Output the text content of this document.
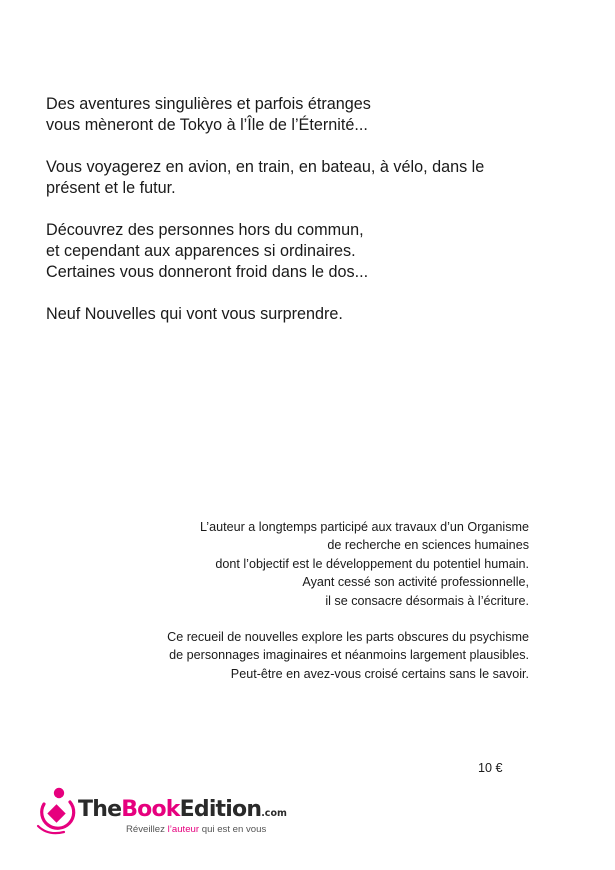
Des aventures singulières et parfois étranges
vous mèneront de Tokyo à l’Île de l’Éternité...

Vous voyagerez en avion, en train, en bateau, à vélo, dans le
présent et le futur.

Découvrez des personnes hors du commun,
et cependant aux apparences si ordinaires.
Certaines vous donneront froid dans le dos...

Neuf Nouvelles qui vont vous surprendre.

L’auteur a longtemps participé aux travaux d’un Organisme
de recherche en sciences humaines
dont l’objectif est le développement du potentiel humain.
Ayant cessé son activité professionnelle,
il se consacre désormais à l’écriture.

Ce recueil de nouvelles explore les parts obscures du psychisme
de personnages imaginaires et néanmoins largement plausibles.
Peut-être en avez-vous croisé certains sans le savoir.

10 €
TheBookEdition.com
Réveillez l’auteur qui est en vous
